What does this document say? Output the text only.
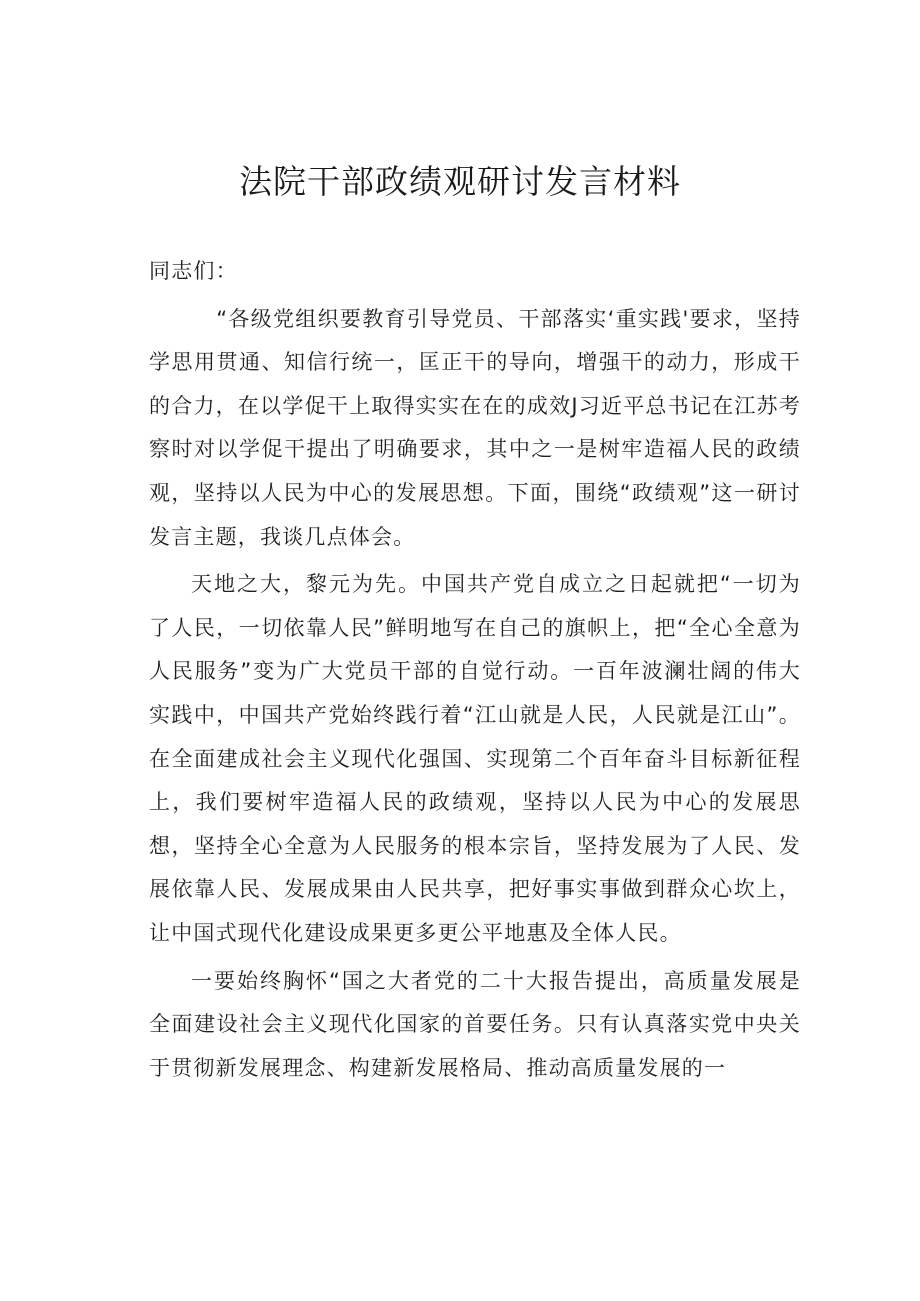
法院干部政绩观研讨发言材料

同志们：

“各级党组织要教育引导党员、干部落实‘重实践'要求，坚持学思用贯通、知信行统一，匡正干的导向，增强干的动力，形成干的合力，在以学促干上取得实实在在的成效J习近平总书记在江苏考察时对以学促干提出了明确要求，其中之一是树牢造福人民的政绩观，坚持以人民为中心的发展思想。下面，围绕“政绩观”这一研讨发言主题，我谈几点体会。

天地之大，黎元为先。中国共产党自成立之日起就把“一切为了人民，一切依靠人民”鲜明地写在自己的旗帜上，把“全心全意为人民服务”变为广大党员干部的自觉行动。一百年波澜壮阔的伟大实践中，中国共产党始终践行着“江山就是人民，人民就是江山”。在全面建成社会主义现代化强国、实现第二个百年奋斗目标新征程上，我们要树牢造福人民的政绩观，坚持以人民为中心的发展思想，坚持全心全意为人民服务的根本宗旨，坚持发展为了人民、发展依靠人民、发展成果由人民共享，把好事实事做到群众心坎上，让中国式现代化建设成果更多更公平地惠及全体人民。

一要始终胸怀“国之大者党的二十大报告提出，高质量发展是全面建设社会主义现代化国家的首要任务。只有认真落实党中央关于贯彻新发展理念、构建新发展格局、推动高质量发展的一
